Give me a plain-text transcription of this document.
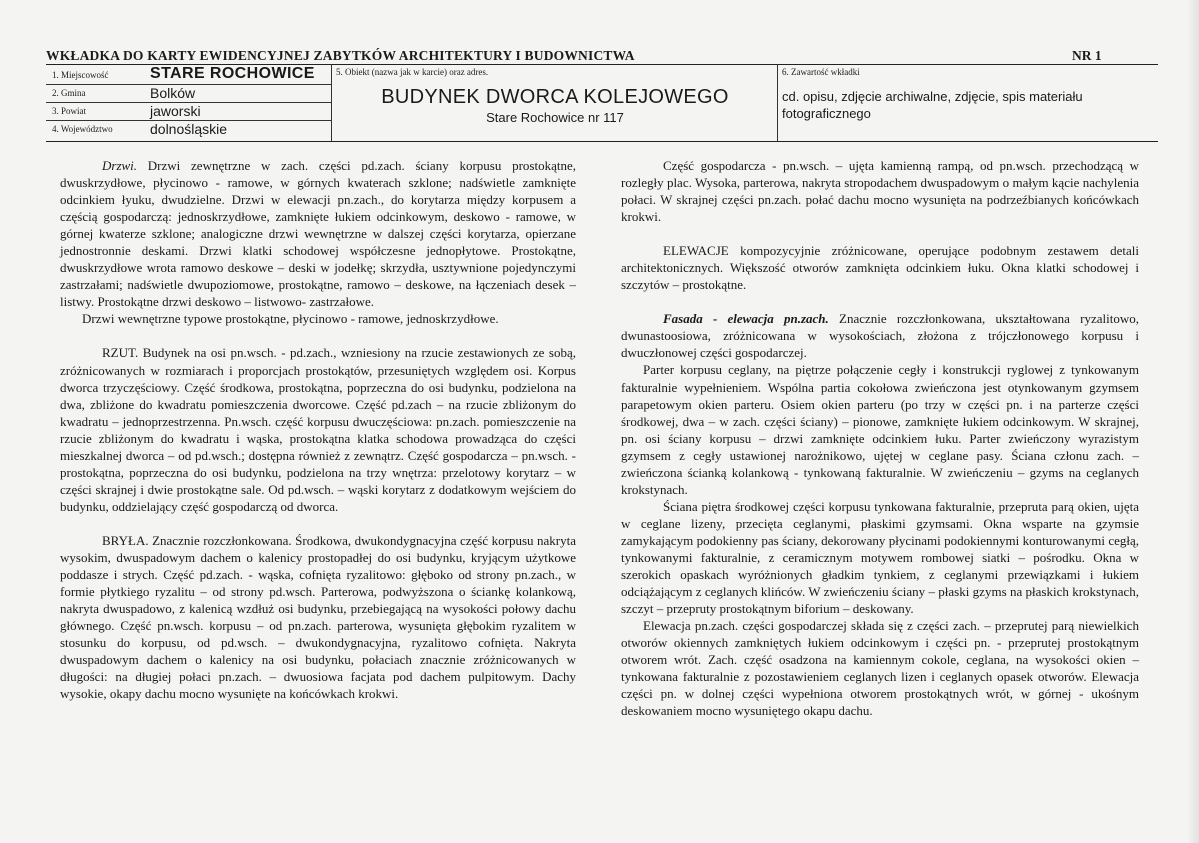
WKŁADKA DO KARTY EWIDENCYJNEJ ZABYTKÓW ARCHITEKTURY I BUDOWNICTWA	NR 1
1. Miejscowość	STARE ROCHOWICE
2. Gmina	Bolków
3. Powiat	jaworski
4. Województwo	dolnośląskie
5. Obiekt (nazwa jak w karcie) oraz adres.
BUDYNEK DWORCA KOLEJOWEGO
Stare Rochowice nr 117
6. Zawartość wkładki
cd. opisu, zdjęcie archiwalne, zdjęcie, spis materiału fotograficznego

Drzwi. Drzwi zewnętrzne w zach. części pd.zach. ściany korpusu prostokątne, dwuskrzydłowe, płycinowo - ramowe, w górnych kwaterach szklone; nadświetle zamknięte odcinkiem łyuku, dwudzielne. Drzwi w elewacji pn.zach., do korytarza między korpusem a częścią gospodarczą: jednoskrzydłowe, zamknięte łukiem odcinkowym, deskowo - ramowe, w górnej kwaterze szklone; analogiczne drzwi wewnętrzne w dalszej części korytarza, opierzane jednostronnie deskami. Drzwi klatki schodowej współczesne jednopłytowe. Prostokątne, dwuskrzydłowe wrota ramowo deskowe – deski w jodełkę; skrzydła, usztywnione pojedynczymi zastrzałami; nadświetle dwupoziomowe, prostokątne, ramowo – deskowe, na łączeniach desek – listwy. Prostokątne drzwi deskowo – listwowo- zastrzałowe.

Drzwi wewnętrzne typowe prostokątne, płycinowo - ramowe, jednoskrzydłowe.

RZUT. Budynek na osi pn.wsch. - pd.zach., wzniesiony na rzucie zestawionych ze sobą, zróżnicowanych w rozmiarach i proporcjach prostokątów, przesuniętych względem osi. Korpus dworca trzyczęściowy. Część środkowa, prostokątna, poprzeczna do osi budynku, podzielona na dwa, zbliżone do kwadratu pomieszczenia dworcowe. Część pd.zach – na rzucie zbliżonym do kwadratu – jednoprzestrzenna. Pn.wsch. część korpusu dwuczęściowa: pn.zach. pomieszczenie na rzucie zbliżonym do kwadratu i wąska, prostokątna klatka schodowa prowadząca do części mieszkalnej dworca – od pd.wsch.; dostępna również z zewnątrz. Część gospodarcza – pn.wsch. - prostokątna, poprzeczna do osi budynku, podzielona na trzy wnętrza: przelotowy korytarz – w części skrajnej i dwie prostokątne sale. Od pd.wsch. – wąski korytarz z dodatkowym wejściem do budynku, oddzielający część gospodarczą od dworca.

BRYŁA. Znacznie rozczłonkowana. Środkowa, dwukondygnacyjna część korpusu nakryta wysokim, dwuspadowym dachem o kalenicy prostopadłej do osi budynku, kryjącym użytkowe poddasze i strych. Część pd.zach. - wąska, cofnięta ryzalitowo: głęboko od strony pn.zach., w formie płytkiego ryzalitu – od strony pd.wsch. Parterowa, podwyższona o ściankę kolankową, nakryta dwuspadowo, z kalenicą wzdłuż osi budynku, przebiegającą na wysokości połowy dachu głównego. Część pn.wsch. korpusu – od pn.zach. parterowa, wysunięta głębokim ryzalitem w stosunku do korpusu, od pd.wsch. – dwukondygnacyjna, ryzalitowo cofnięta. Nakryta dwuspadowym dachem o kalenicy na osi budynku, połaciach znacznie zróżnicowanych w długości: na długiej połaci pn.zach. – dwuosiowa facjata pod dachem pulpitowym. Dachy wysokie, okapy dachu mocno wysunięte na końcówkach krokwi.

Część gospodarcza - pn.wsch. – ujęta kamienną rampą, od pn.wsch. przechodzącą w rozległy plac. Wysoka, parterowa, nakryta stropodachem dwuspadowym o małym kącie nachylenia połaci. W skrajnej części pn.zach. połać dachu mocno wysunięta na podrzeźbianych końcówkach krokwi.

ELEWACJE kompozycyjnie zróżnicowane, operujące podobnym zestawem detali architektonicznych. Większość otworów zamknięta odcinkiem łuku. Okna klatki schodowej i szczytów – prostokątne.

Fasada - elewacja pn.zach. Znacznie rozczłonkowana, ukształtowana ryzalitowo, dwunastoosiowa, zróżnicowana w wysokościach, złożona z trójczłonowego korpusu i dwuczłonowej części gospodarczej.

Parter korpusu ceglany, na piętrze połączenie cegły i konstrukcji ryglowej z tynkowanym fakturalnie wypełnieniem. Wspólna partia cokołowa zwieńczona jest otynkowanym gzymsem parapetowym okien parteru. Osiem okien parteru (po trzy w części pn. i na parterze części środkowej, dwa – w zach. części ściany) – pionowe, zamknięte łukiem odcinkowym. W skrajnej, pn. osi ściany korpusu – drzwi zamknięte odcinkiem łuku. Parter zwieńczony wyrazistym gzymsem z cegły ustawionej narożnikowo, ujętej w ceglane pasy. Ściana członu zach. – zwieńczona ścianką kolankową - tynkowaną fakturalnie. W zwieńczeniu – gzyms na ceglanych krokstynach.

Ściana piętra środkowej części korpusu tynkowana fakturalnie, przepruta parą okien, ujęta w ceglane lizeny, przecięta ceglanymi, płaskimi gzymsami. Okna wsparte na gzymsie zamykającym podokienny pas ściany, dekorowany płycinami podokiennymi konturowanymi cegłą, tynkowanymi fakturalnie, z ceramicznym motywem rombowej siatki – pośrodku. Okna w szerokich opaskach wyróżnionych gładkim tynkiem, z ceglanymi przewiązkami i łukiem odciążającym z ceglanych klińców. W zwieńczeniu ściany – płaski gzyms na płaskich krokstynach, szczyt – przepruty prostokątnym biforium – deskowany.

Elewacja pn.zach. części gospodarczej składa się z części zach. – przeprutej parą niewielkich otworów okiennych zamkniętych łukiem odcinkowym i części pn. - przeprutej prostokątnym otworem wrót. Zach. część osadzona na kamiennym cokole, ceglana, na wysokości okien – tynkowana fakturalnie z pozostawieniem ceglanych lizen i ceglanych opasek otworów. Elewacja części pn. w dolnej części wypełniona otworem prostokątnych wrót, w górnej - ukośnym deskowaniem mocno wysuniętego okapu dachu.
